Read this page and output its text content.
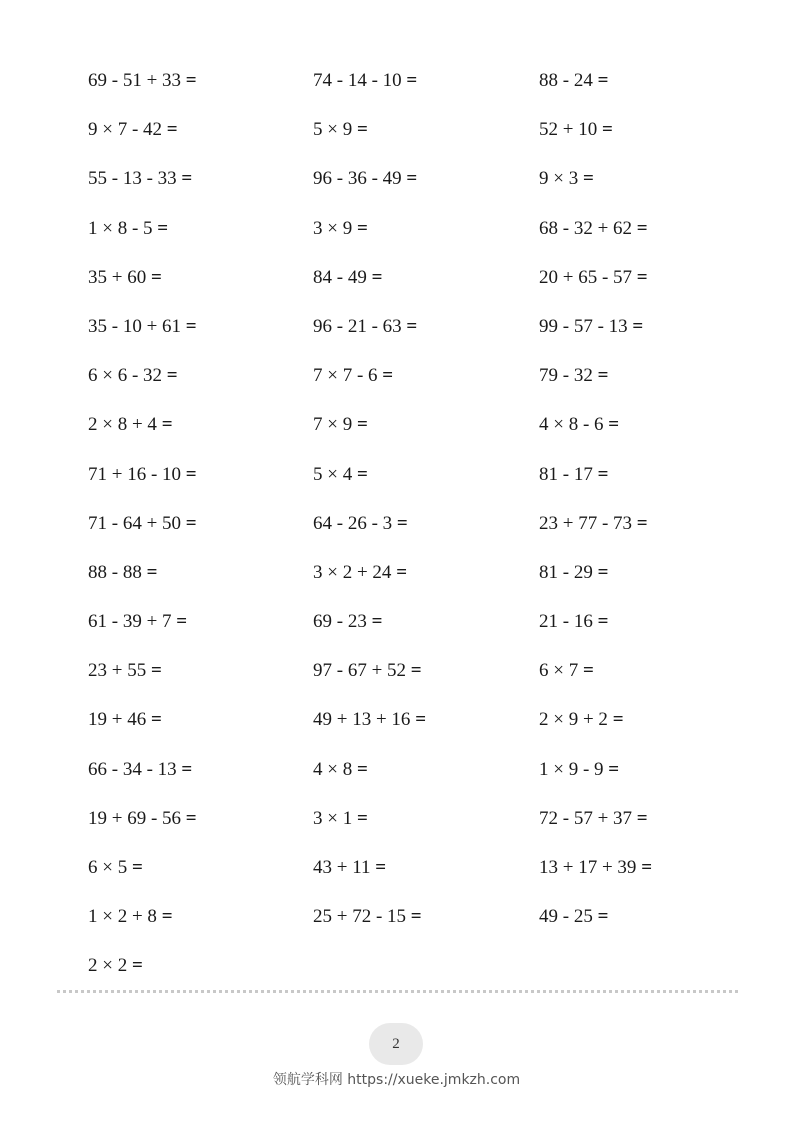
69 - 51 + 33 =	74 - 14 - 10 =	88 - 24 =
9 × 7 - 42 =	5 × 9 =	52 + 10 =
55 - 13 - 33 =	96 - 36 - 49 =	9 × 3 =
1 × 8 - 5 =	3 × 9 =	68 - 32 + 62 =
35 + 60 =	84 - 49 =	20 + 65 - 57 =
35 - 10 + 61 =	96 - 21 - 63 =	99 - 57 - 13 =
6 × 6 - 32 =	7 × 7 - 6 =	79 - 32 =
2 × 8 + 4 =	7 × 9 =	4 × 8 - 6 =
71 + 16 - 10 =	5 × 4 =	81 - 17 =
71 - 64 + 50 =	64 - 26 - 3 =	23 + 77 - 73 =
88 - 88 =	3 × 2 + 24 =	81 - 29 =
61 - 39 + 7 =	69 - 23 =	21 - 16 =
23 + 55 =	97 - 67 + 52 =	6 × 7 =
19 + 46 =	49 + 13 + 16 =	2 × 9 + 2 =
66 - 34 - 13 =	4 × 8 =	1 × 9 - 9 =
19 + 69 - 56 =	3 × 1 =	72 - 57 + 37 =
6 × 5 =	43 + 11 =	13 + 17 + 39 =
1 × 2 + 8 =	25 + 72 - 15 =	49 - 25 =
2 × 2 =
2
领航学科网 https://xueke.jmkzh.com
